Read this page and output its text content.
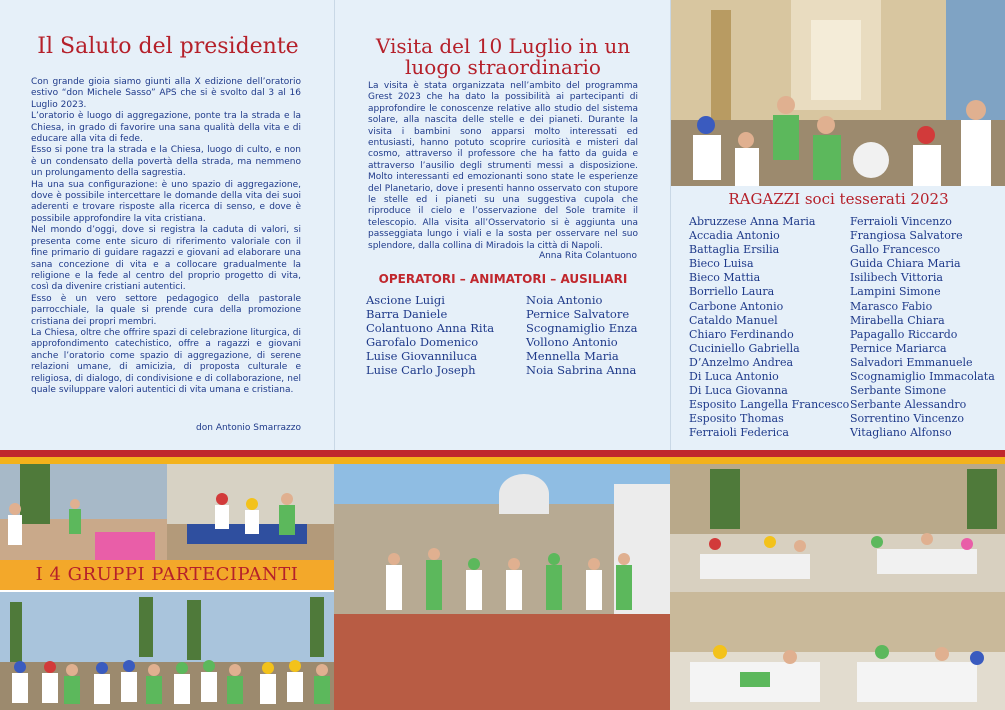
Il Saluto del presidente

Con grande gioia siamo giunti alla X edizione dell’oratorio estivo “don Michele Sasso” APS che si è svolto dal 3 al 16 Luglio 2023.

L’oratorio è luogo di aggregazione, ponte tra la strada e la Chiesa, in grado di favorire una sana qualità della vita e di educare alla vita di fede.

Esso si pone tra la strada e la Chiesa, luogo di culto, e non è un condensato della povertà della strada, ma nemmeno un prolungamento della sagrestia.

Ha una sua configurazione: è uno spazio di aggregazione, dove è possibile intercettare le domande della vita dei suoi aderenti e trovare risposte alla ricerca di senso, e dove è possibile approfondire la vita cristiana.

Nel mondo d’oggi, dove si registra la caduta di valori, si presenta come ente sicuro di riferimento valoriale con il fine primario di guidare ragazzi e giovani ad elaborare una sana concezione di vita e a collocare gradualmente la religione e la fede al centro del proprio progetto di vita, così da divenire cristiani autentici.

Esso è un vero settore pedagogico della pastorale parrocchiale, la quale si prende cura della promozione cristiana dei propri membri.

La Chiesa, oltre che offrire spazi di celebrazione liturgica, di approfondimento catechistico, offre a ragazzi e giovani anche l’oratorio come spazio di aggregazione, di serene relazioni umane, di amicizia, di proposta culturale e religiosa, di dialogo, di condivisione e di collaborazione, nel quale sviluppare valori autentici di vita umana e cristiana.

don Antonio Smarrazzo
Visita del 10 Luglio in un luogo straordinario
La visita è stata organizzata nell’ambito del programma Grest 2023 che ha dato la possibilità ai partecipanti di approfondire le conoscenze relative allo studio del sistema solare, alla nascita delle stelle e dei pianeti. Durante la visita i bambini sono apparsi molto interessati ed entusiasti, hanno potuto scoprire curiosità e misteri dal cosmo, attraverso il professore che ha fatto da guida e attraverso l’ausilio degli strumenti messi a disposizione. Molto interessanti ed emozionanti sono state le esperienze del Planetario, dove i presenti hanno osservato con stupore le stelle ed i pianeti su una suggestiva cupola che riproduce il cielo e l’osservazione del Sole tramite il telescopio. Alla visita all’Osservatorio si è aggiunta una passeggiata lungo i viali e la sosta per osservare nel suo splendore, dalla collina di Miradois la città di Napoli.
Anna Rita Colantuono
OPERATORI – ANIMATORI – AUSILIARI
Ascione Luigi
Barra Daniele
Colantuono Anna Rita
Garofalo Domenico
Luise Giovanniluca
Luise Carlo Joseph
Noia Antonio
Pernice Salvatore
Scognamiglio Enza
Vollono Antonio
Mennella Maria
Noia Sabrina Anna
RAGAZZI soci tesserati 2023
Abruzzese Anna Maria
Accadia Antonio
Battaglia Ersilia
Bieco Luisa
Bieco Mattia
Borriello Laura
Carbone Antonio
Cataldo Manuel
Chiaro Ferdinando
Cuciniello Gabriella
D’Anzelmo Andrea
Di Luca Antonio
Di Luca Giovanna
Esposito Langella Francesco
Esposito Thomas
Ferraioli Federica
Ferraioli Vincenzo
Frangiosa Salvatore
Gallo Francesco
Guida Chiara Maria
Isilibech Vittoria
Lampini Simone
Marasco Fabio
Mirabella Chiara
Papagallo Riccardo
Pernice Mariarca
Salvadori Emmanuele
Scognamiglio Immacolata
Serbante Simone
Serbante Alessandro
Sorrentino Vincenzo
Vitagliano Alfonso
I 4 GRUPPI PARTECIPANTI
